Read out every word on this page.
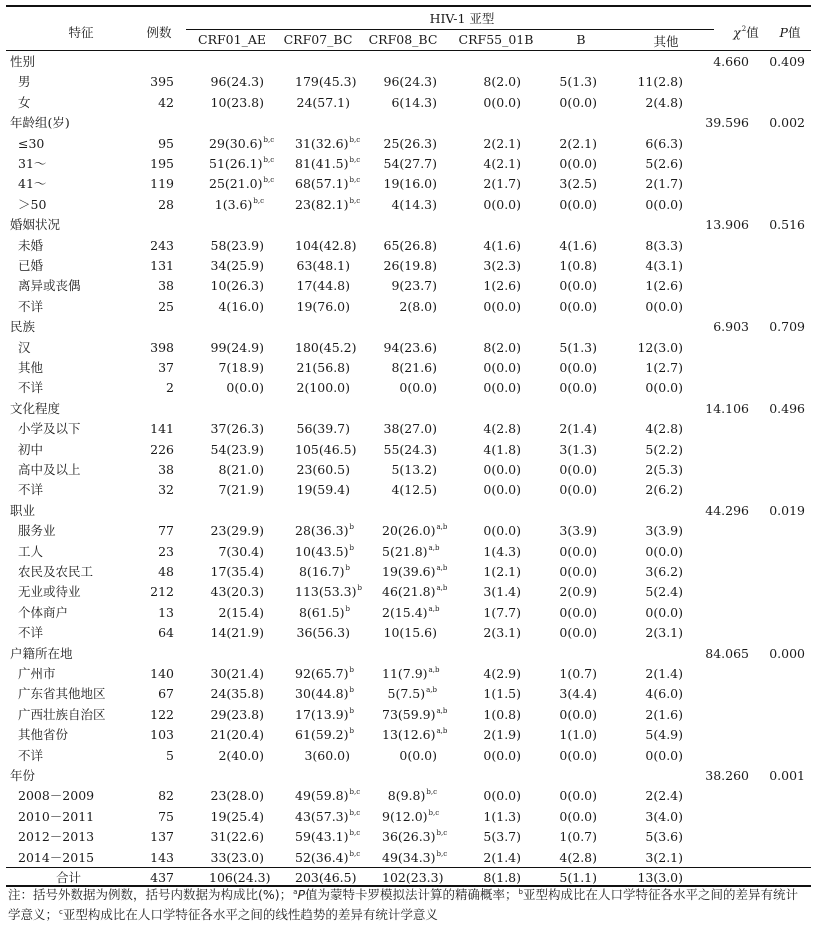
特征	例数
HIV-1 亚型
CRF01_AE	CRF07_BC	CRF08_BC	CRF55_01B	B	其他
$\chi^2$值	P值
性别	4.660	0.409
男	395	96(24.3) 179(45.3) 96(24.3)	8(2.0)	5(1.3)	11(2.8)
女	42	10(23.8)	24(57.1)	6(14.3)	0(0.0)	0(0.0)	2(4.8)
年龄组(岁)	39.596	0.002
≤30	95	$29(30.6)^{b,c}$ $31(32.6)^{b,c}$ 25(26.3)	2(2.1)	2(2.1)	6(6.3)
31～	195	$51(26.1)^{b,c}$ $81(41.5)^{b,c}$ 54(27.7)	4(2.1)	0(0.0)	5(2.6)
41～	119	$25(21.0)^{b,c}$ $68(57.1)^{b,c}$ 19(16.0)	2(1.7)	3(2.5)	2(1.7)
＞50	28	$1(3.6)^{b,c}$ $23(82.1)^{b,c}$	4(14.3)	0(0.0)	0(0.0)	0(0.0)
婚姻状况	13.906	0.516
未婚	243	58(23.9) 104(42.8) 65(26.8)	4(1.6)	4(1.6)	8(3.3)
已婚	131	34(25.9)	63(48.1)	26(19.8)	3(2.3)	1(0.8)	4(3.1)
离异或丧偶	38	10(26.3)	17(44.8)	9(23.7)	1(2.6)	0(0.0)	1(2.6)
不详	25	4(16.0)	19(76.0)	2(8.0)	0(0.0)	0(0.0)	0(0.0)
民族	6.903	0.709
汉	398	99(24.9) 180(45.2) 94(23.6)	8(2.0)	5(1.3)	12(3.0)
其他	37	7(18.9)	21(56.8)	8(21.6)	0(0.0)	0(0.0)	1(2.7)
不详	2	0(0.0)	2(100.0)	0(0.0)	0(0.0)	0(0.0)	0(0.0)
文化程度	14.106	0.496
小学及以下	141	37(26.3)	56(39.7)	38(27.0)	4(2.8)	2(1.4)	4(2.8)
初中	226	54(23.9) 105(46.5) 55(24.3)	4(1.8)	3(1.3)	5(2.2)
高中及以上	38	8(21.0)	23(60.5)	5(13.2)	0(0.0)	0(0.0)	2(5.3)
不详	32	7(21.9)	19(59.4)	4(12.5)	0(0.0)	0(0.0)	2(6.2)
职业	44.296	0.019
服务业	77	23(29.9) $28(36.3)^b$ $20(26.0)^{a,b}$	0(0.0)	3(3.9)	3(3.9)
工人	23	7(30.4) $10(43.5)^b$ $5(21.8)^{a,b}$	1(4.3)	0(0.0)	0(0.0)
农民及农民工	48	17(35.4)	$8(16.7)^b$	$19(39.6)^{a,b}$	1(2.1)	0(0.0)	3(6.2)
无业或待业	212	43(20.3) $113(53.3)^b$ $46(21.8)^{a,b}$	3(1.4)	2(0.9)	5(2.4)
个体商户	13	2(15.4)	$8(61.5)^b$	$2(15.4)^{a,b}$	1(7.7)	0(0.0)	0(0.0)
不详	64	14(21.9)	36(56.3)	10(15.6)	2(3.1)	0(0.0)	2(3.1)
户籍所在地	84.065	0.000
广州市	140	30(21.4) $92(65.7)^b$ $11(7.9)^{a,b}$	4(2.9)	1(0.7)	2(1.4)
广东省其他地区	67	24(35.8) $30(44.8)^b$	$5(7.5)^{a,b}$	1(1.5)	3(4.4)	4(6.0)
广西壮族自治区	122	29(23.8) $17(13.9)^b$ $73(59.9)^{a,b}$	1(0.8)	0(0.0)	2(1.6)
其他省份	103	21(20.4) $61(59.2)^b$ $13(12.6)^{a,b}$	2(1.9)	1(1.0)	5(4.9)
不详	5	2(40.0)	3(60.0)	0(0.0)	0(0.0)	0(0.0)	0(0.0)
年份	38.260	0.001
2008－2009	82	23(28.0) $49(59.8)^{b,c}$	$8(9.8)^{b,c}$	0(0.0)	0(0.0)	2(2.4)
2010－2011	75	19(25.4) $43(57.3)^{b,c}$ $9(12.0)^{b,c}$	1(1.3)	0(0.0)	3(4.0)
2012－2013	137	31(22.6) $59(43.1)^{b,c}$ $36(26.3)^{b,c}$	5(3.7)	1(0.7)	5(3.6)
2014－2015	143	33(23.0) $52(36.4)^{b,c}$ $49(34.3)^{b,c}$	2(1.4)	4(2.8)	3(2.1)
合计	437	106(24.3) 203(46.5) 102(23.3)	8(1.8)	5(1.1)	13(3.0)
注：括号外数据为例数，括号内数据为构成比(%)；$^a$P值为蒙特卡罗模拟法计算的精确概率；$^b$亚型构成比在人口学特征各水平之间的差异有统计学意义；$^c$亚型构成比在人口学特征各水平之间的线性趋势的差异有统计学意义
